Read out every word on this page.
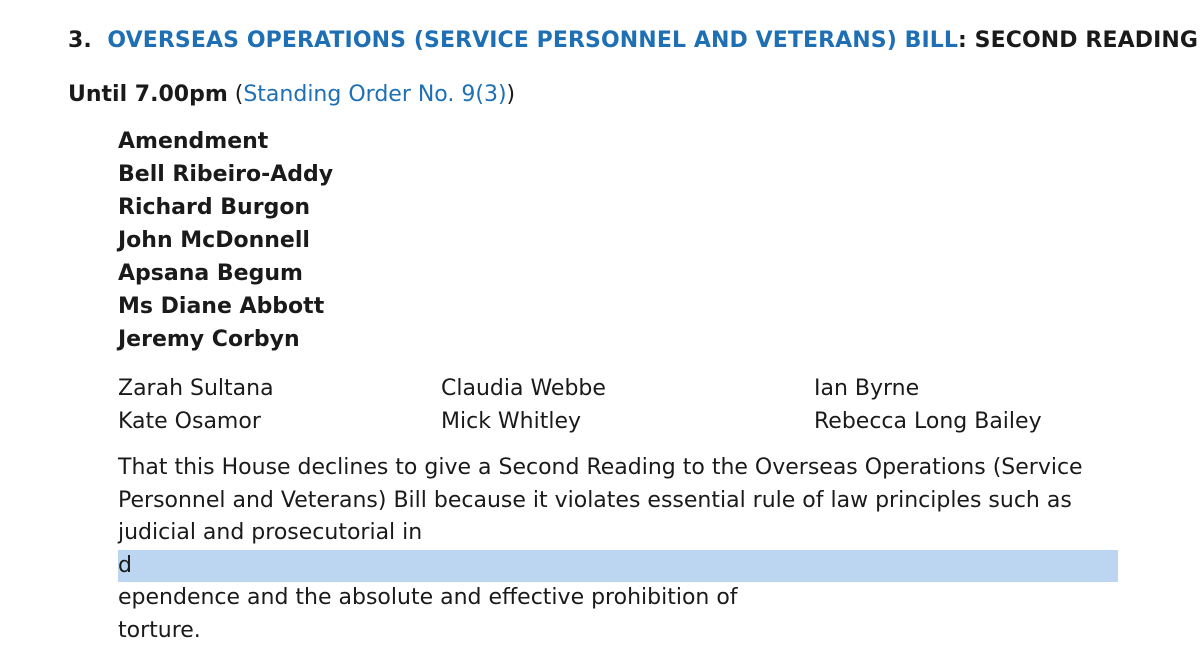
3. OVERSEAS OPERATIONS (SERVICE PERSONNEL AND VETERANS) BILL: SECOND READING
Until 7.00pm (Standing Order No. 9(3))
Amendment
Bell Ribeiro-Addy
Richard Burgon
John McDonnell
Apsana Begum
Ms Diane Abbott
Jeremy Corbyn
Zarah Sultana	Claudia Webbe	Ian Byrne
Kate Osamor	Mick Whitley	Rebecca Long Bailey
That this House declines to give a Second Reading to the Overseas Operations (Service
Personnel and Veterans) Bill because it violates essential rule of law principles such as
judicial and prosecutorial in
d
ependence and the absolute and effective prohibition of
torture.
